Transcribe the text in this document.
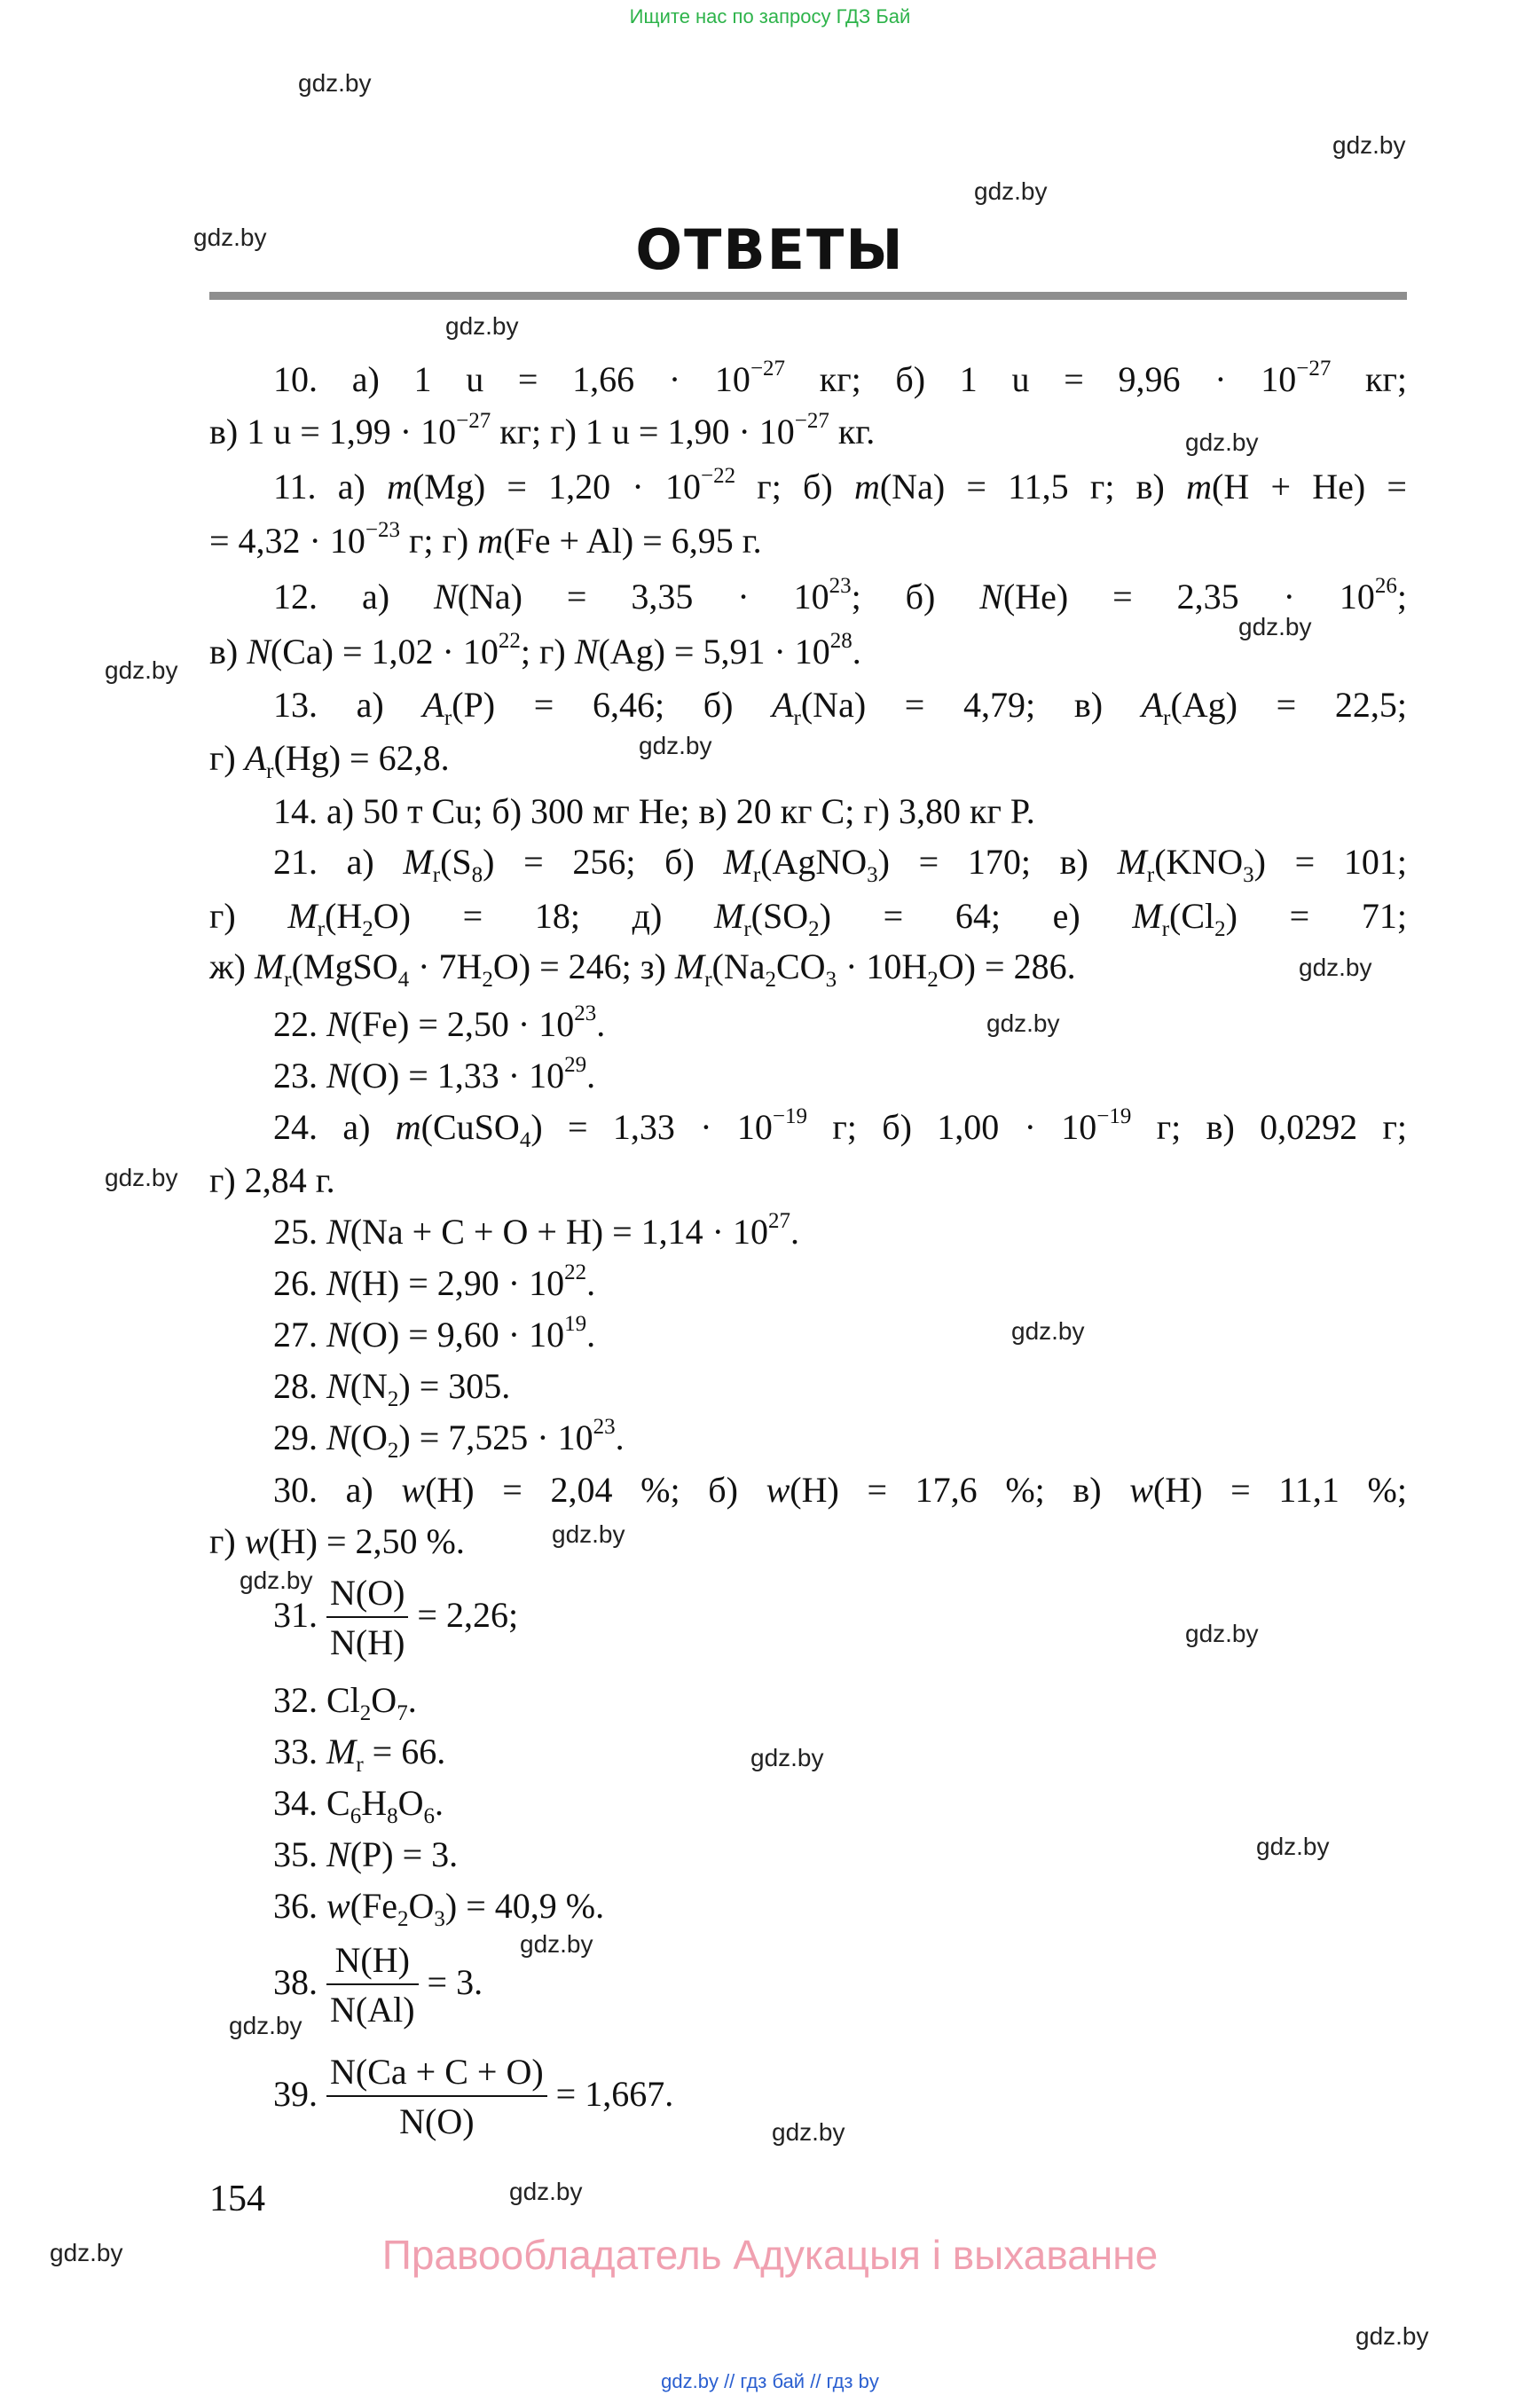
Ищите нас по запросу ГДЗ Бай
gdz.by
gdz.by
gdz.by
gdz.by
gdz.by
gdz.by
gdz.by
gdz.by
gdz.by
gdz.by
gdz.by
gdz.by
gdz.by
gdz.by
gdz.by
gdz.by
gdz.by
gdz.by
gdz.by
gdz.by
gdz.by
gdz.by
gdz.by
gdz.by
ОТВЕТЫ
10. а) 1 $u = 1,66 \cdot 10^{-27}$ кг; б) 1 $u = 9,96 \cdot 10^{-27}$ кг;
в) 1 $u = 1,99 \cdot 10^{-27}$ кг; г) 1 $u = 1,90 \cdot 10^{-27}$ кг.
11. а) $m(Mg) = 1,20 \cdot 10^{-22}$ г; б) m(Na) = 11,5 г; в) m(H + He) =
= $4,32 \cdot 10^{-23}$ г; г) m(Fe + Al) = 6,95 г.
12. а) $N(Na) = 3,35 \cdot 10^{23}$; б) $N(He) = 2,35 \cdot 10^{26}$;
в) $N(Ca) = 1,02 \cdot 10^{22}$; г) $N(Ag) = 5,91 \cdot 10^{28}$.
13. а) $A_r(P) = 6,46$; б) $A_r(Na) = 4,79$; в) $A_r(Ag) = 22,5$;
г) $A_r(Hg) = 62,8$.
14. а) 50 т Cu; б) 300 мг He; в) 20 кг C; г) 3,80 кг P.
21. а) $M_r(S_8) = 256$; б) $M_r(AgNO_3) = 170$; в) $M_r(KNO_3) = 101$;
г) $M_r(H_2O) = 18$; д) $M_r(SO_2) = 64$; е) $M_r(Cl_2) = 71$;
ж) $M_r(MgSO_4 \cdot 7H_2O) = 246$; з) $M_r(Na_2CO_3 \cdot 10H_2O) = 286$.
22. $N(Fe) = 2,50 \cdot 10^{23}$.
23. $N(O) = 1,33 \cdot 10^{29}$.
24. а) m(CuSO$_4$) = $1,33 \cdot 10^{-19}$ г; б) $1,00 \cdot 10^{-19}$ г; в) 0,0292 г;
г) 2,84 г.
25. $N(Na + C + O + H) = 1,14 \cdot 10^{27}$.
26. $N(H) = 2,90 \cdot 10^{22}$.
27. $N(O) = 9,60 \cdot 10^{19}$.
28. $N(N_2) = 305$.
29. $N(O_2) = 7,525 \cdot 10^{23}$.
30. а) w(H) = 2,04 %; б) w(H) = 17,6 %; в) w(H) = 11,1 %;
г) w(H) = 2,50 %.
31. $\frac{N(O)}{N(H)} = 2,26$;
32. $Cl_2O_7$.
33. $M_r = 66$.
34. $C_6H_8O_6$.
35. N(P) = 3.
36. $w(Fe_2O_3) = 40,9$ %.
38. $\frac{N(H)}{N(Al)} = 3$.
39. $\frac{N(Ca + C + O)}{N(O)} = 1,667$.
154
Правообладатель Адукацыя і выхаванне
gdz.by // гдз бай // гдз by
